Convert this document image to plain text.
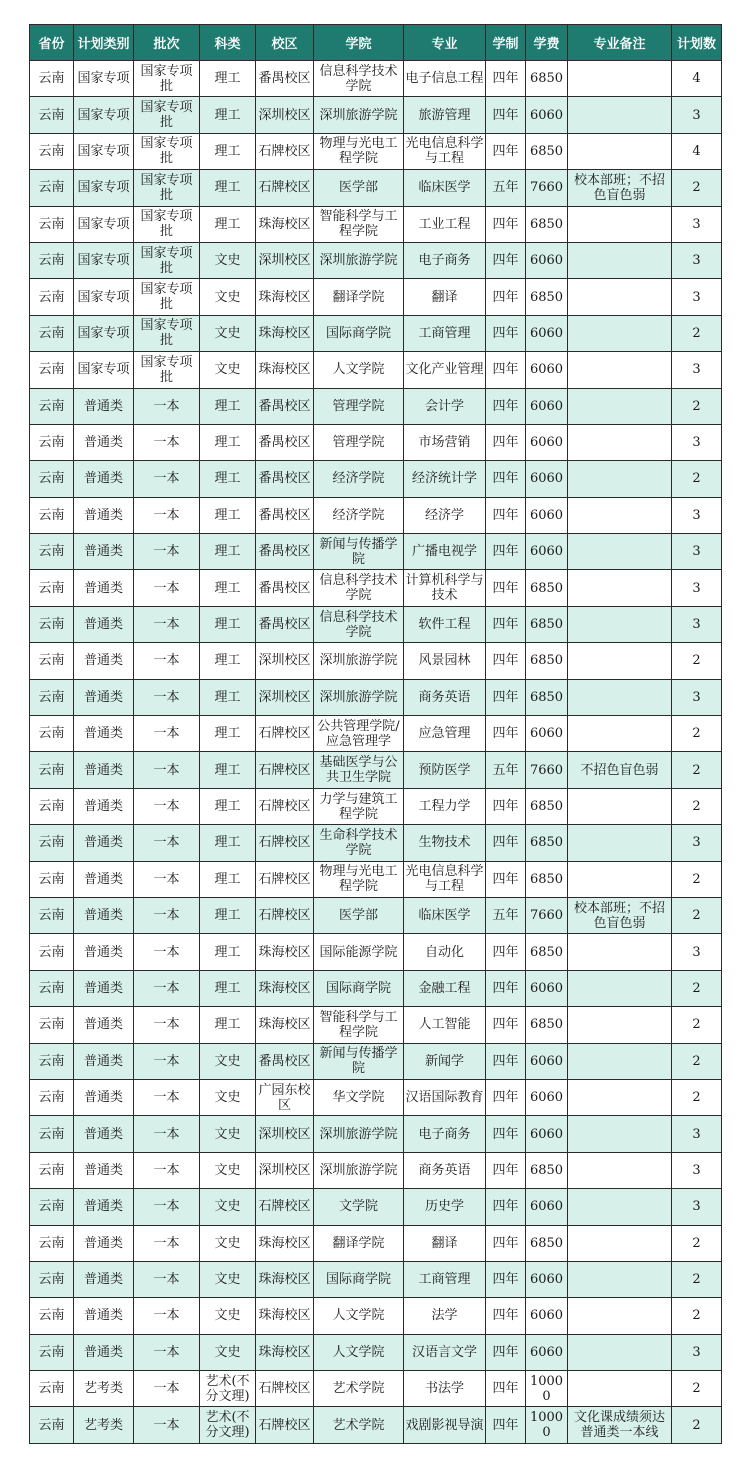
省份	计划类别	批次	科类	校区	学院	专业	学制	学费	专业备注	计划数
云南	国家专项	国家专项批	理工	番禺校区	信息科学技术学院	电子信息工程	四年	6850		4
云南	国家专项	国家专项批	理工	深圳校区	深圳旅游学院	旅游管理	四年	6060		3
云南	国家专项	国家专项批	理工	石牌校区	物理与光电工程学院	光电信息科学与工程	四年	6850		4
云南	国家专项	国家专项批	理工	石牌校区	医学部	临床医学	五年	7660	校本部班；不招色盲色弱	2
云南	国家专项	国家专项批	理工	珠海校区	智能科学与工程学院	工业工程	四年	6850		3
云南	国家专项	国家专项批	文史	深圳校区	深圳旅游学院	电子商务	四年	6060		3
云南	国家专项	国家专项批	文史	珠海校区	翻译学院	翻译	四年	6850		3
云南	国家专项	国家专项批	文史	珠海校区	国际商学院	工商管理	四年	6060		2
云南	国家专项	国家专项批	文史	珠海校区	人文学院	文化产业管理	四年	6060		3
云南	普通类	一本	理工	番禺校区	管理学院	会计学	四年	6060		2
云南	普通类	一本	理工	番禺校区	管理学院	市场营销	四年	6060		3
云南	普通类	一本	理工	番禺校区	经济学院	经济统计学	四年	6060		2
云南	普通类	一本	理工	番禺校区	经济学院	经济学	四年	6060		3
云南	普通类	一本	理工	番禺校区	新闻与传播学院	广播电视学	四年	6060		3
云南	普通类	一本	理工	番禺校区	信息科学技术学院	计算机科学与技术	四年	6850		3
云南	普通类	一本	理工	番禺校区	信息科学技术学院	软件工程	四年	6850		3
云南	普通类	一本	理工	深圳校区	深圳旅游学院	风景园林	四年	6850		2
云南	普通类	一本	理工	深圳校区	深圳旅游学院	商务英语	四年	6850		3
云南	普通类	一本	理工	石牌校区	公共管理学院/应急管理学	应急管理	四年	6060		2
云南	普通类	一本	理工	石牌校区	基础医学与公共卫生学院	预防医学	五年	7660	不招色盲色弱	2
云南	普通类	一本	理工	石牌校区	力学与建筑工程学院	工程力学	四年	6850		2
云南	普通类	一本	理工	石牌校区	生命科学技术学院	生物技术	四年	6850		3
云南	普通类	一本	理工	石牌校区	物理与光电工程学院	光电信息科学与工程	四年	6850		2
云南	普通类	一本	理工	石牌校区	医学部	临床医学	五年	7660	校本部班；不招色盲色弱	2
云南	普通类	一本	理工	珠海校区	国际能源学院	自动化	四年	6850		3
云南	普通类	一本	理工	珠海校区	国际商学院	金融工程	四年	6060		2
云南	普通类	一本	理工	珠海校区	智能科学与工程学院	人工智能	四年	6850		2
云南	普通类	一本	文史	番禺校区	新闻与传播学院	新闻学	四年	6060		2
云南	普通类	一本	文史	广园东校区	华文学院	汉语国际教育	四年	6060		2
云南	普通类	一本	文史	深圳校区	深圳旅游学院	电子商务	四年	6060		3
云南	普通类	一本	文史	深圳校区	深圳旅游学院	商务英语	四年	6850		3
云南	普通类	一本	文史	石牌校区	文学院	历史学	四年	6060		3
云南	普通类	一本	文史	珠海校区	翻译学院	翻译	四年	6850		2
云南	普通类	一本	文史	珠海校区	国际商学院	工商管理	四年	6060		2
云南	普通类	一本	文史	珠海校区	人文学院	法学	四年	6060		2
云南	普通类	一本	文史	珠海校区	人文学院	汉语言文学	四年	6060		3
云南	艺考类	一本	艺术(不分文理)	石牌校区	艺术学院	书法学	四年	10000		2
云南	艺考类	一本	艺术(不分文理)	石牌校区	艺术学院	戏剧影视导演	四年	10000	文化课成绩须达普通类一本线	2
